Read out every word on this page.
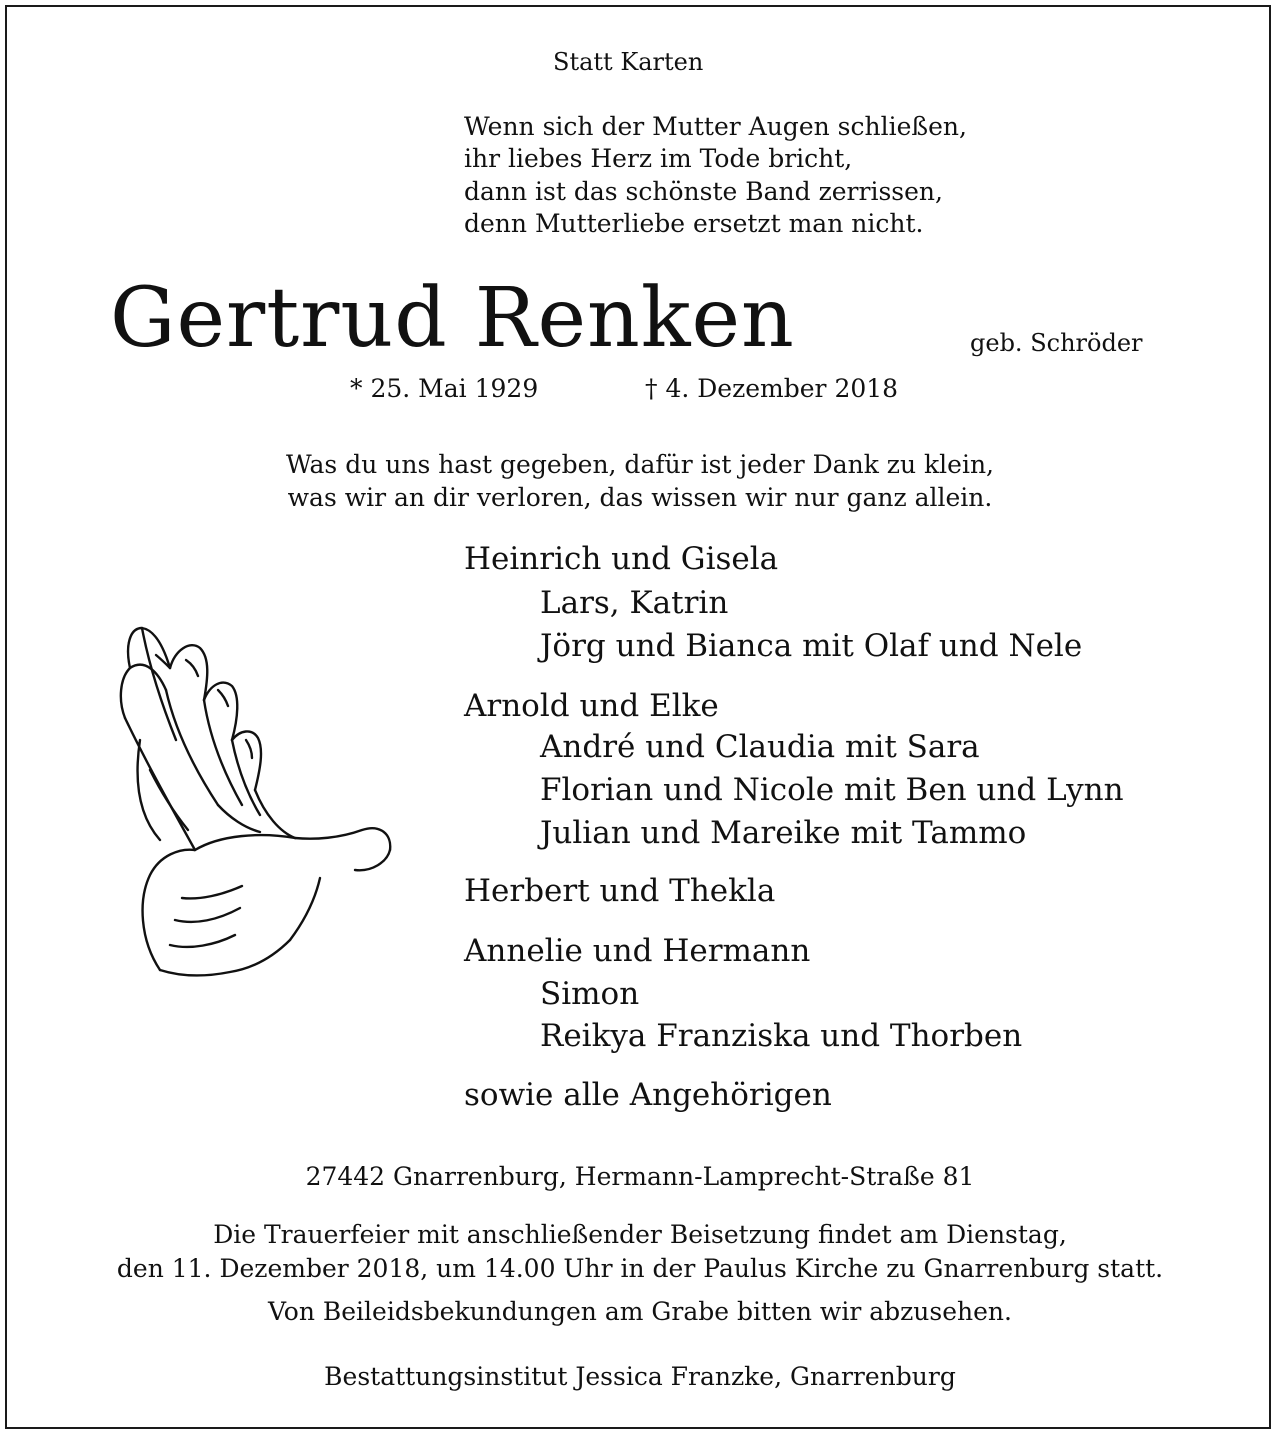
Statt Karten

Wenn sich der Mutter Augen schließen,

ihr liebes Herz im Tode bricht,

dann ist das schönste Band zerrissen,

denn Mutterliebe ersetzt man nicht.

Gertrud Renken	geb. Schröder

* 25. Mai 1929	† 4. Dezember 2018

Was du uns hast gegeben, dafür ist jeder Dank zu klein,

was wir an dir verloren, das wissen wir nur ganz allein.

Heinrich und Gisela

Lars, Katrin

Jörg und Bianca mit Olaf und Nele

Arnold und Elke

André und Claudia mit Sara

Florian und Nicole mit Ben und Lynn

Julian und Mareike mit Tammo

Herbert und Thekla

Annelie und Hermann

Simon

Reikya Franziska und Thorben

sowie alle Angehörigen

27442 Gnarrenburg, Hermann-Lamprecht-Straße 81

Die Trauerfeier mit anschließender Beisetzung findet am Dienstag,

den 11. Dezember 2018, um 14.00 Uhr in der Paulus Kirche zu Gnarrenburg statt.

Von Beileidsbekundungen am Grabe bitten wir abzusehen.

Bestattungsinstitut Jessica Franzke, Gnarrenburg
